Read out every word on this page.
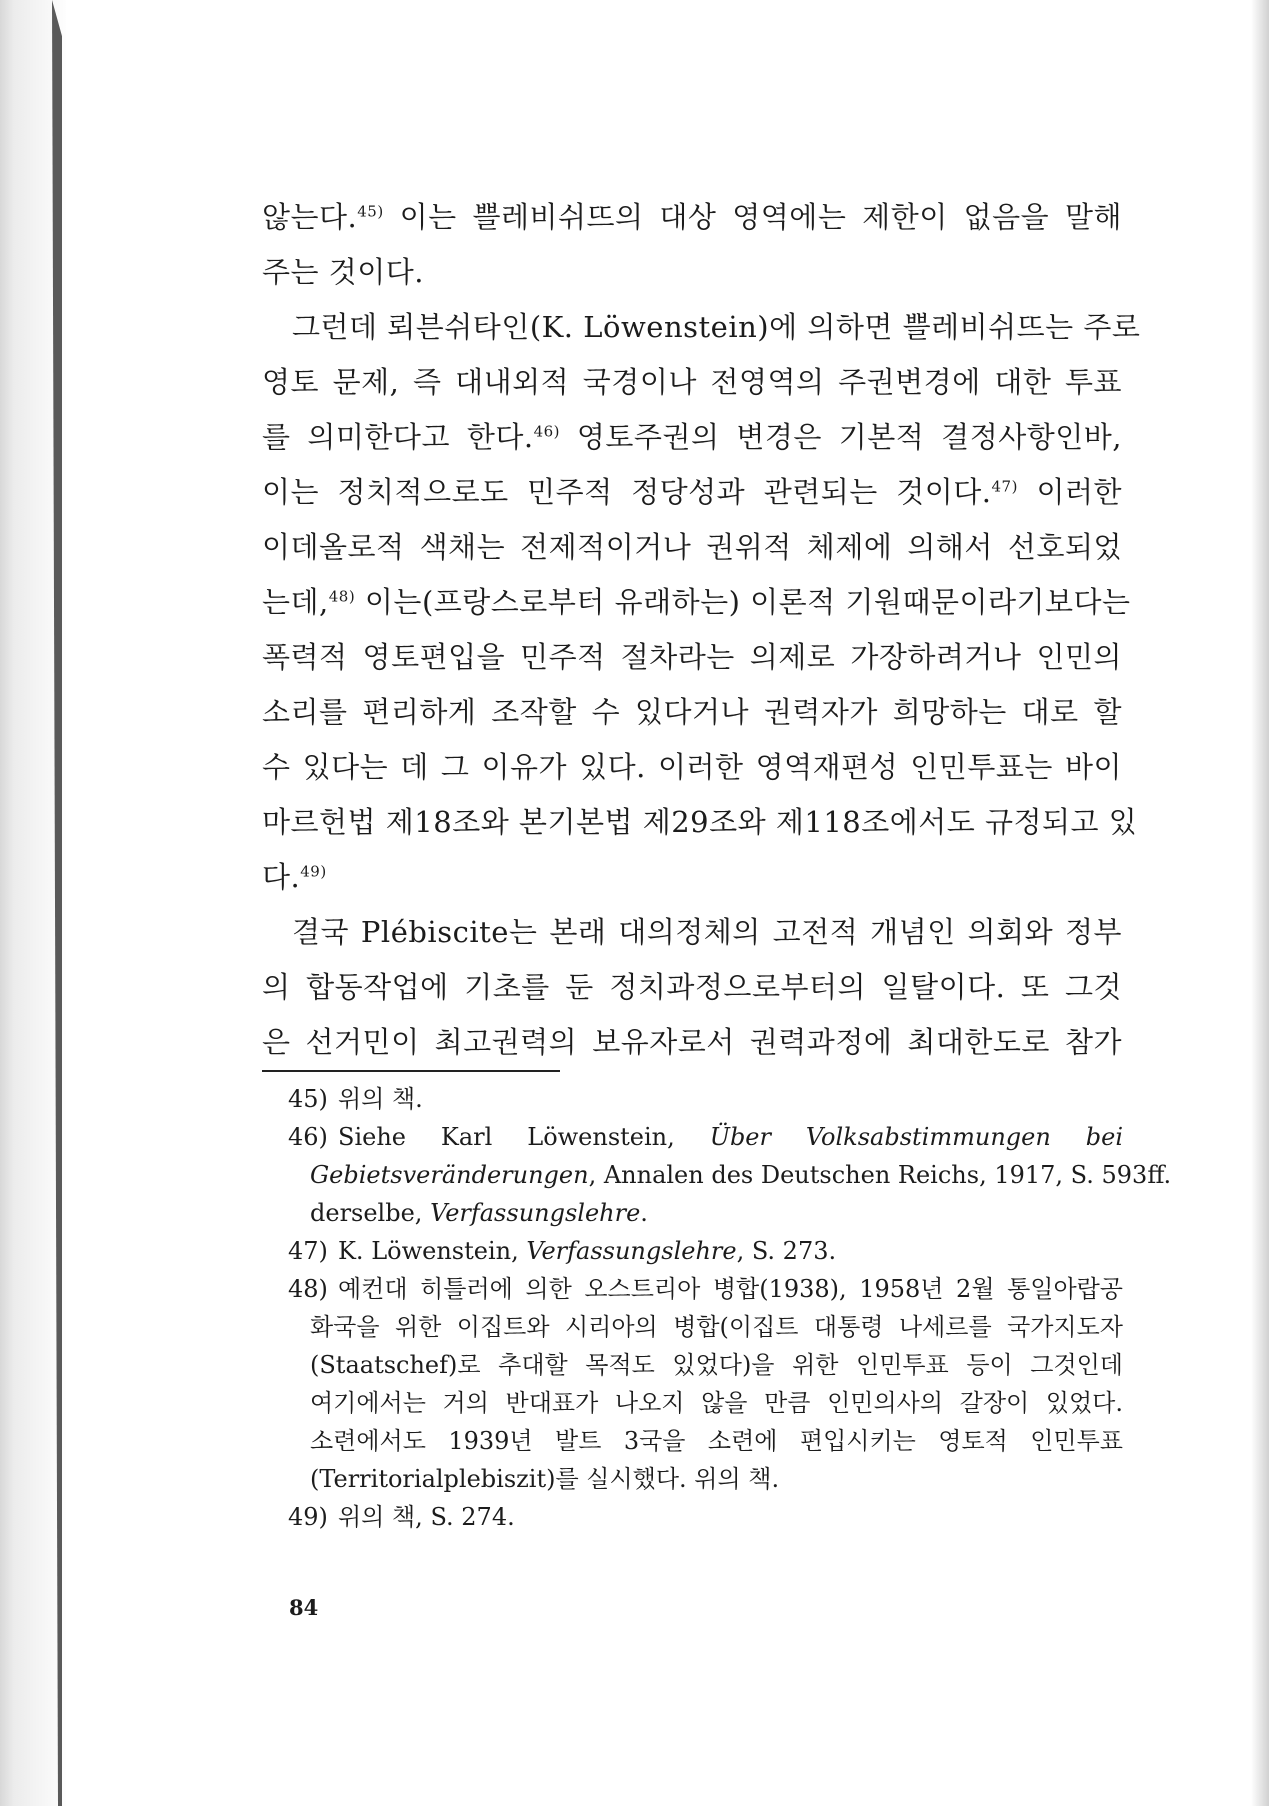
않는다.$^{45)}$ 이는 쁠레비쉬뜨의 대상 영역에는 제한이 없음을 말해
주는 것이다.
그런데 뢰븐쉬타인(K. Löwenstein)에 의하면 쁠레비쉬뜨는 주로
영토 문제, 즉 대내외적 국경이나 전영역의 주권변경에 대한 투표
를 의미한다고 한다.$^{46)}$ 영토주권의 변경은 기본적 결정사항인바,
이는 정치적으로도 민주적 정당성과 관련되는 것이다.$^{47)}$ 이러한
이데올로적 색채는 전제적이거나 권위적 체제에 의해서 선호되었
는데,$^{48)}$ 이는(프랑스로부터 유래하는) 이론적 기원때문이라기보다는
폭력적 영토편입을 민주적 절차라는 의제로 가장하려거나 인민의
소리를 편리하게 조작할 수 있다거나 권력자가 희망하는 대로 할
수 있다는 데 그 이유가 있다. 이러한 영역재편성 인민투표는 바이
마르헌법 제18조와 본기본법 제29조와 제118조에서도 규정되고 있
다.$^{49)}$
결국 Plébiscite는 본래 대의정체의 고전적 개념인 의회와 정부
의 합동작업에 기초를 둔 정치과정으로부터의 일탈이다. 또 그것
은 선거민이 최고권력의 보유자로서 권력과정에 최대한도로 참가
45) 위의 책.
46) Siehe Karl Löwenstein, Über Volksabstimmungen bei
Gebietsveränderungen, Annalen des Deutschen Reichs, 1917, S. 593ff.
derselbe, Verfassungslehre.
47) K. Löwenstein, Verfassungslehre, S. 273.
48) 예컨대 히틀러에 의한 오스트리아 병합(1938), 1958년 2월 통일아랍공
화국을 위한 이집트와 시리아의 병합(이집트 대통령 나세르를 국가지도자
(Staatschef)로 추대할 목적도 있었다)을 위한 인민투표 등이 그것인데
여기에서는 거의 반대표가 나오지 않을 만큼 인민의사의 갈장이 있었다.
소련에서도 1939년 발트 3국을 소련에 편입시키는 영토적 인민투표
(Territorialplebiszit)를 실시했다. 위의 책.
49) 위의 책, S. 274.
84
